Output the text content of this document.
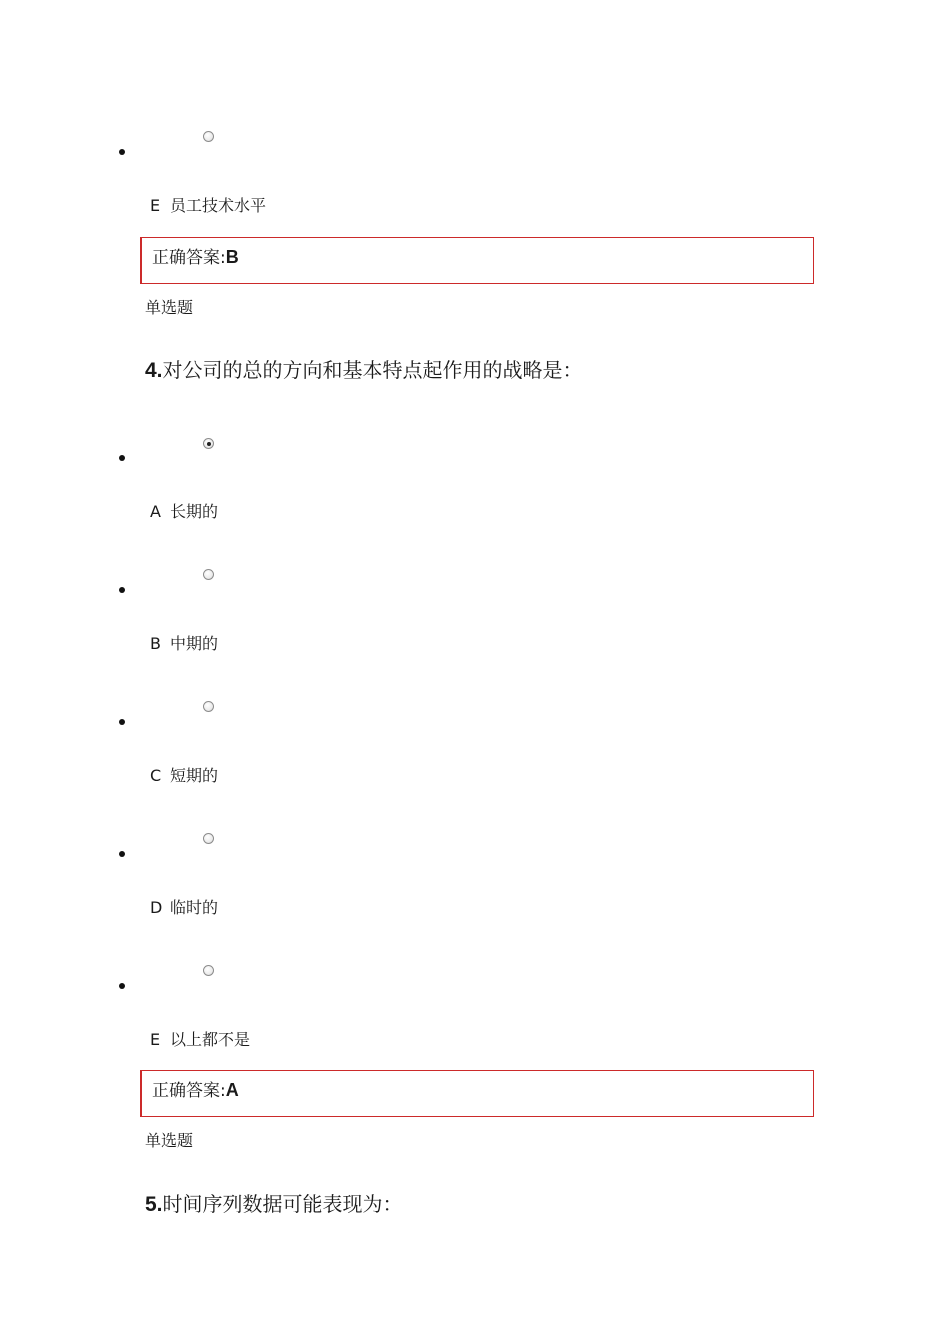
E 员工技术水平
正确答案:B
单选题
4.对公司的总的方向和基本特点起作用的战略是：
A 长期的
B 中期的
C 短期的
D 临时的
E 以上都不是
正确答案:A
单选题
5.时间序列数据可能表现为：
